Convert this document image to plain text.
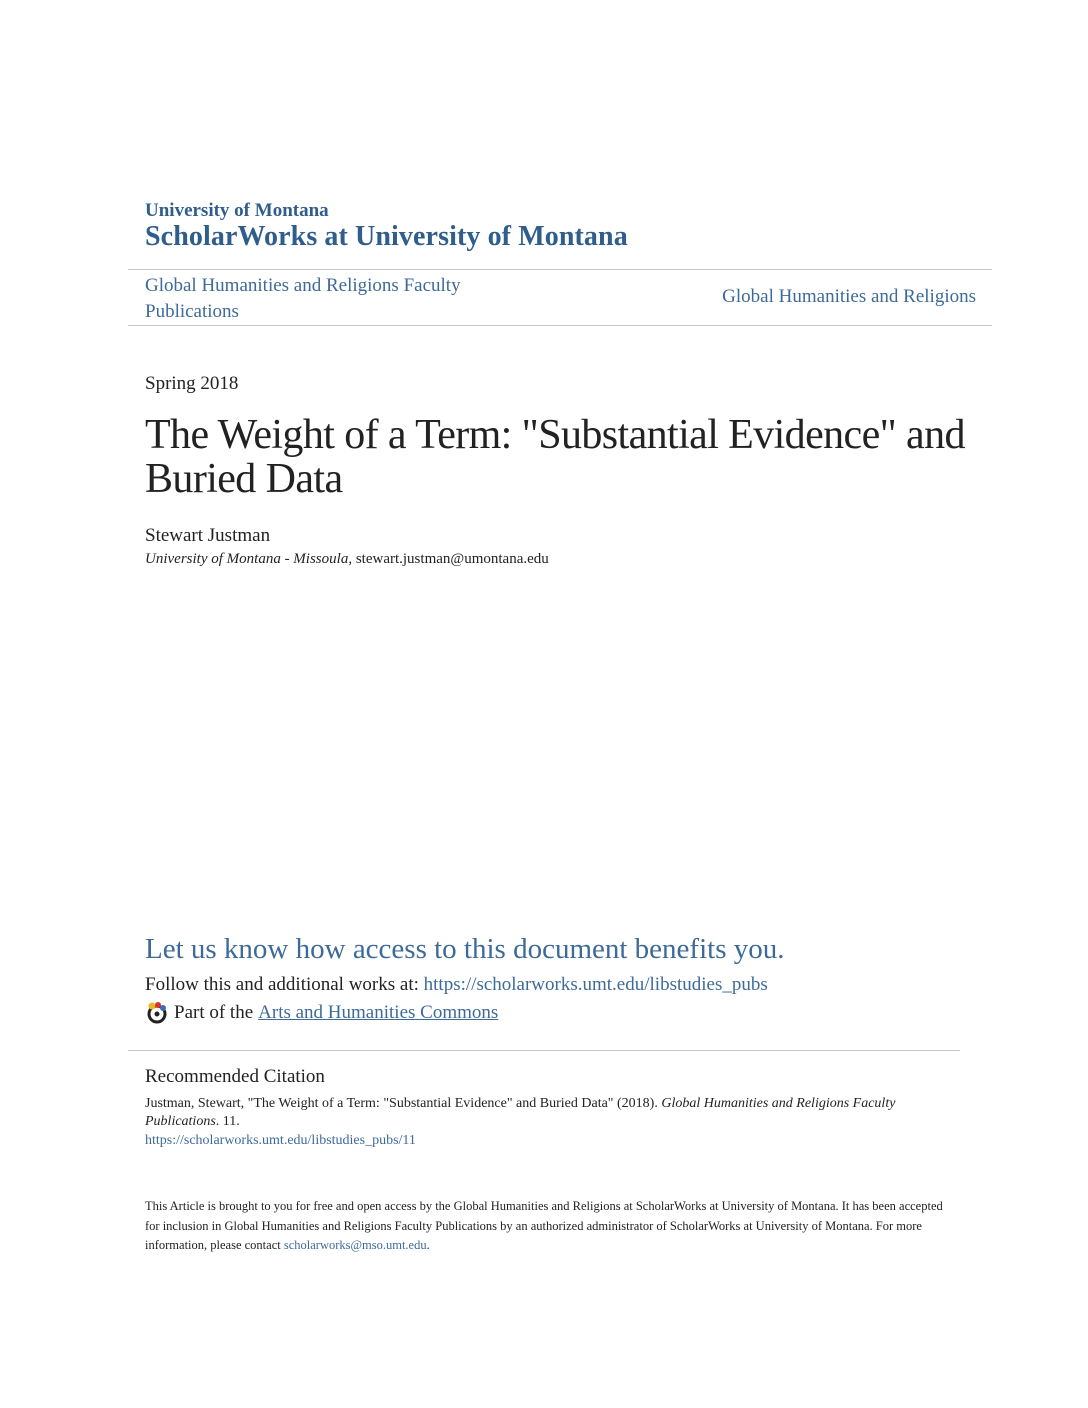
University of Montana
ScholarWorks at University of Montana
Global Humanities and Religions Faculty Publications
Global Humanities and Religions
Spring 2018
The Weight of a Term: "Substantial Evidence" and Buried Data
Stewart Justman
University of Montana - Missoula, stewart.justman@umontana.edu
Let us know how access to this document benefits you.
Follow this and additional works at: https://scholarworks.umt.edu/libstudies_pubs
Part of the Arts and Humanities Commons
Recommended Citation
Justman, Stewart, "The Weight of a Term: "Substantial Evidence" and Buried Data" (2018). Global Humanities and Religions Faculty Publications. 11.
https://scholarworks.umt.edu/libstudies_pubs/11
This Article is brought to you for free and open access by the Global Humanities and Religions at ScholarWorks at University of Montana. It has been accepted for inclusion in Global Humanities and Religions Faculty Publications by an authorized administrator of ScholarWorks at University of Montana. For more information, please contact scholarworks@mso.umt.edu.
